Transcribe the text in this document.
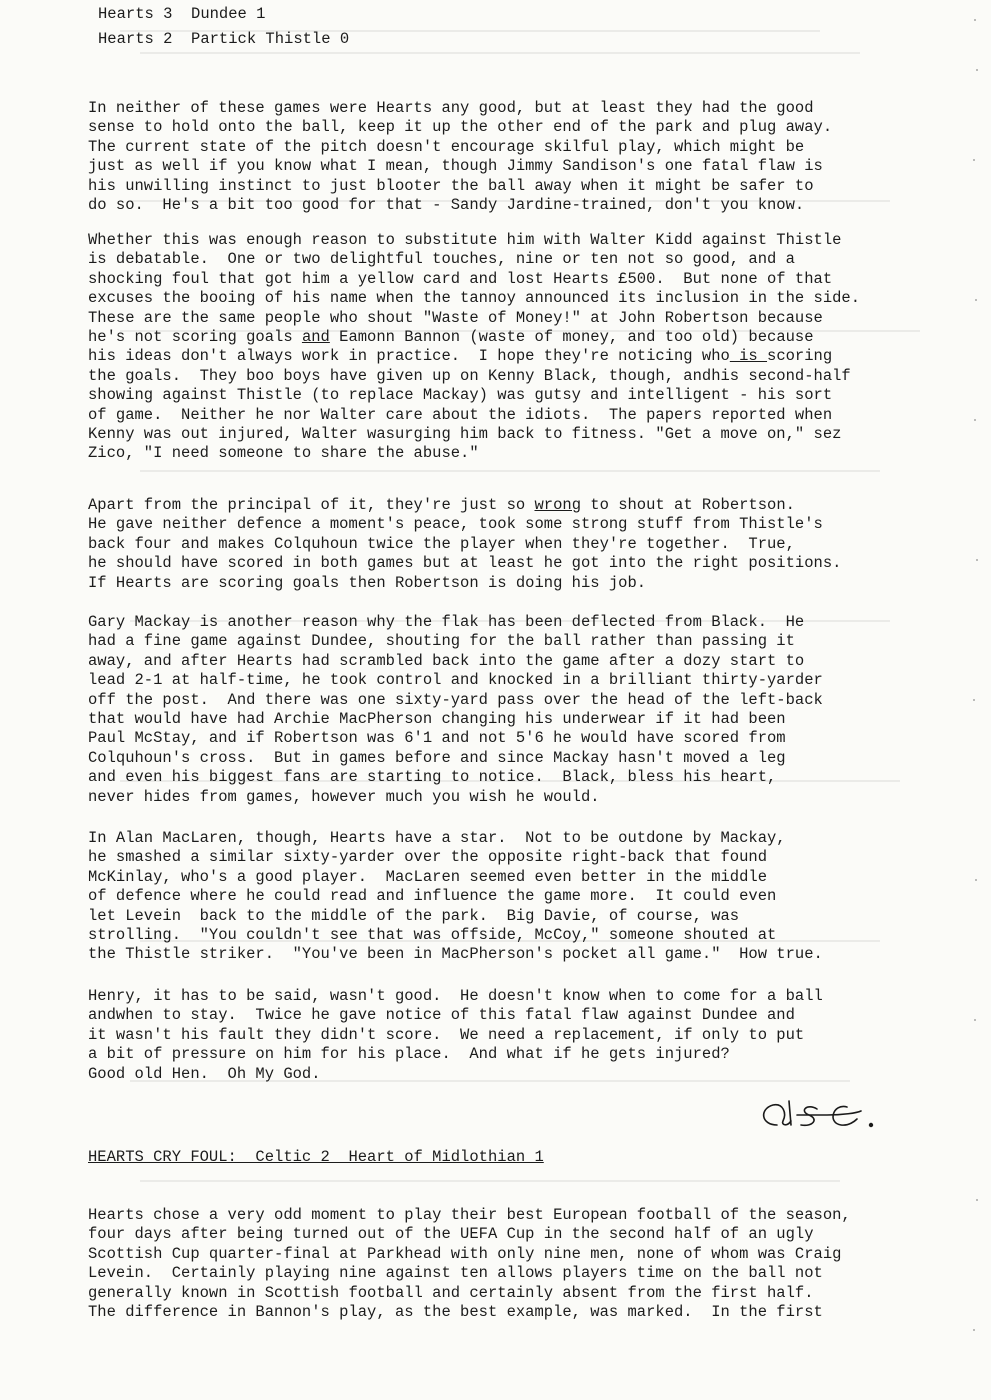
Hearts 3  Dundee 1
Hearts 2  Partick Thistle 0
In neither of these games were Hearts any good, but at least they had the good
sense to hold onto the ball, keep it up the other end of the park and plug away.
The current state of the pitch doesn't encourage skilful play, which might be
just as well if you know what I mean, though Jimmy Sandison's one fatal flaw is
his unwilling instinct to just blooter the ball away when it might be safer to
do so.  He's a bit too good for that - Sandy Jardine-trained, don't you know.
Whether this was enough reason to substitute him with Walter Kidd against Thistle
is debatable.  One or two delightful touches, nine or ten not so good, and a
shocking foul that got him a yellow card and lost Hearts £500.  But none of that
excuses the booing of his name when the tannoy announced its inclusion in the side.
These are the same people who shout "Waste of Money!" at John Robertson because
he's not scoring goals and Eamonn Bannon (waste of money, and too old) because
his ideas don't always work in practice.  I hope they're noticing who is scoring
the goals.  They boo boys have given up on Kenny Black, though, andhis second-half
showing against Thistle (to replace Mackay) was gutsy and intelligent - his sort
of game.  Neither he nor Walter care about the idiots.  The papers reported when
Kenny was out injured, Walter wasurging him back to fitness. "Get a move on," sez
Zico, "I need someone to share the abuse."
Apart from the principal of it, they're just so wrong to shout at Robertson.
He gave neither defence a moment's peace, took some strong stuff from Thistle's
back four and makes Colquhoun twice the player when they're together.  True,
he should have scored in both games but at least he got into the right positions.
If Hearts are scoring goals then Robertson is doing his job.
Gary Mackay is another reason why the flak has been deflected from Black.  He
had a fine game against Dundee, shouting for the ball rather than passing it
away, and after Hearts had scrambled back into the game after a dozy start to
lead 2-1 at half-time, he took control and knocked in a brilliant thirty-yarder
off the post.  And there was one sixty-yard pass over the head of the left-back
that would have had Archie MacPherson changing his underwear if it had been
Paul McStay, and if Robertson was 6'1 and not 5'6 he would have scored from
Colquhoun's cross.  But in games before and since Mackay hasn't moved a leg
and even his biggest fans are starting to notice.  Black, bless his heart,
never hides from games, however much you wish he would.
In Alan MacLaren, though, Hearts have a star.  Not to be outdone by Mackay,
he smashed a similar sixty-yarder over the opposite right-back that found
McKinlay, who's a good player.  MacLaren seemed even better in the middle
of defence where he could read and influence the game more.  It could even
let Levein  back to the middle of the park.  Big Davie, of course, was
strolling.  "You couldn't see that was offside, McCoy," someone shouted at
the Thistle striker.  "You've been in MacPherson's pocket all game."  How true.
Henry, it has to be said, wasn't good.  He doesn't know when to come for a ball
andwhen to stay.  Twice he gave notice of this fatal flaw against Dundee and
it wasn't his fault they didn't score.  We need a replacement, if only to put
a bit of pressure on him for his place.  And what if he gets injured?
Good old Hen.  Oh My God.
HEARTS CRY FOUL:  Celtic 2  Heart of Midlothian 1
Hearts chose a very odd moment to play their best European football of the season,
four days after being turned out of the UEFA Cup in the second half of an ugly
Scottish Cup quarter-final at Parkhead with only nine men, none of whom was Craig
Levein.  Certainly playing nine against ten allows players time on the ball not
generally known in Scottish football and certainly absent from the first half.
The difference in Bannon's play, as the best example, was marked.  In the first
